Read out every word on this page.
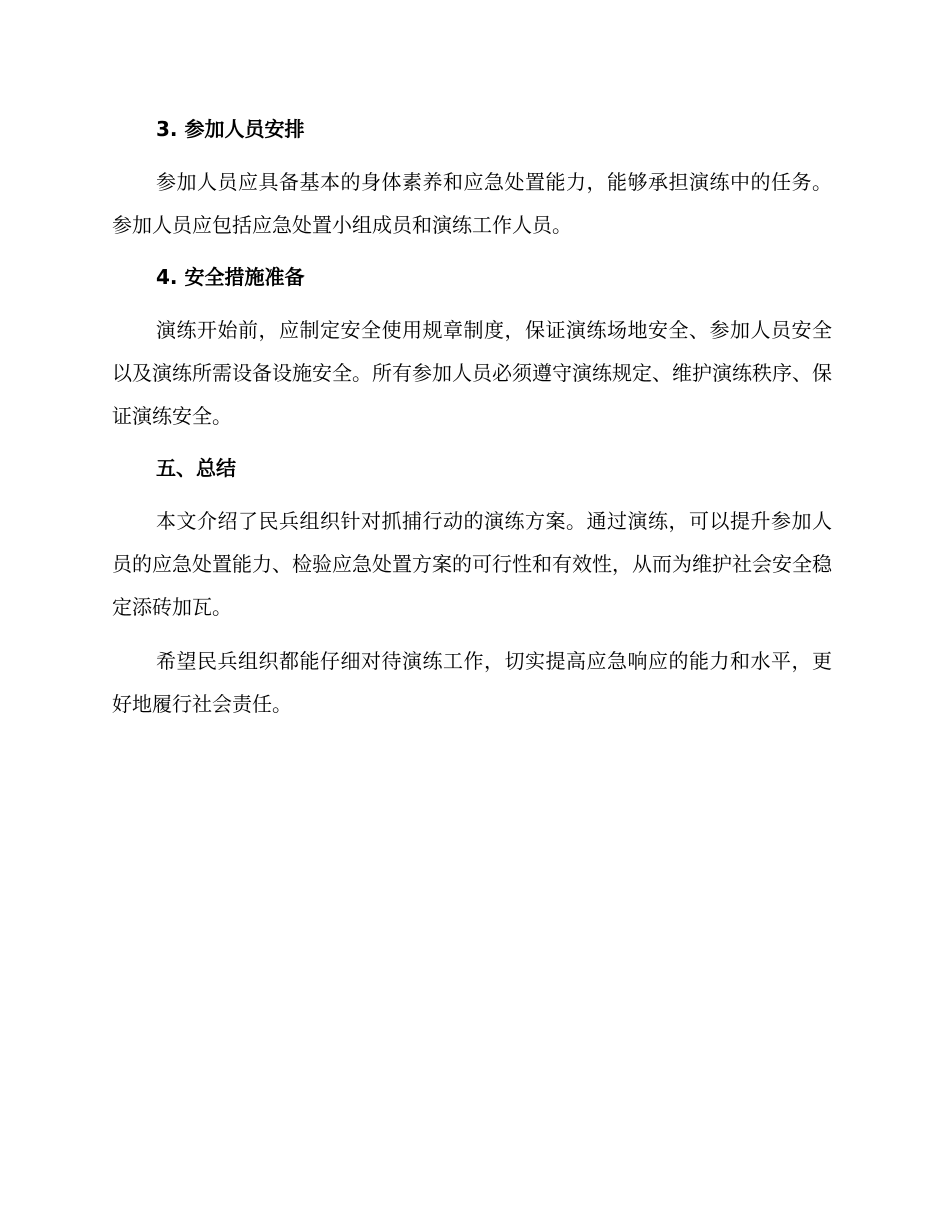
3. 参加人员安排

参加人员应具备基本的身体素养和应急处置能力，能够承担演练中的任务。参加人员应包括应急处置小组成员和演练工作人员。

4. 安全措施准备

演练开始前，应制定安全使用规章制度，保证演练场地安全、参加人员安全以及演练所需设备设施安全。所有参加人员必须遵守演练规定、维护演练秩序、保证演练安全。

五、总结

本文介绍了民兵组织针对抓捕行动的演练方案。通过演练，可以提升参加人员的应急处置能力、检验应急处置方案的可行性和有效性，从而为维护社会安全稳定添砖加瓦。

希望民兵组织都能仔细对待演练工作，切实提高应急响应的能力和水平，更好地履行社会责任。
